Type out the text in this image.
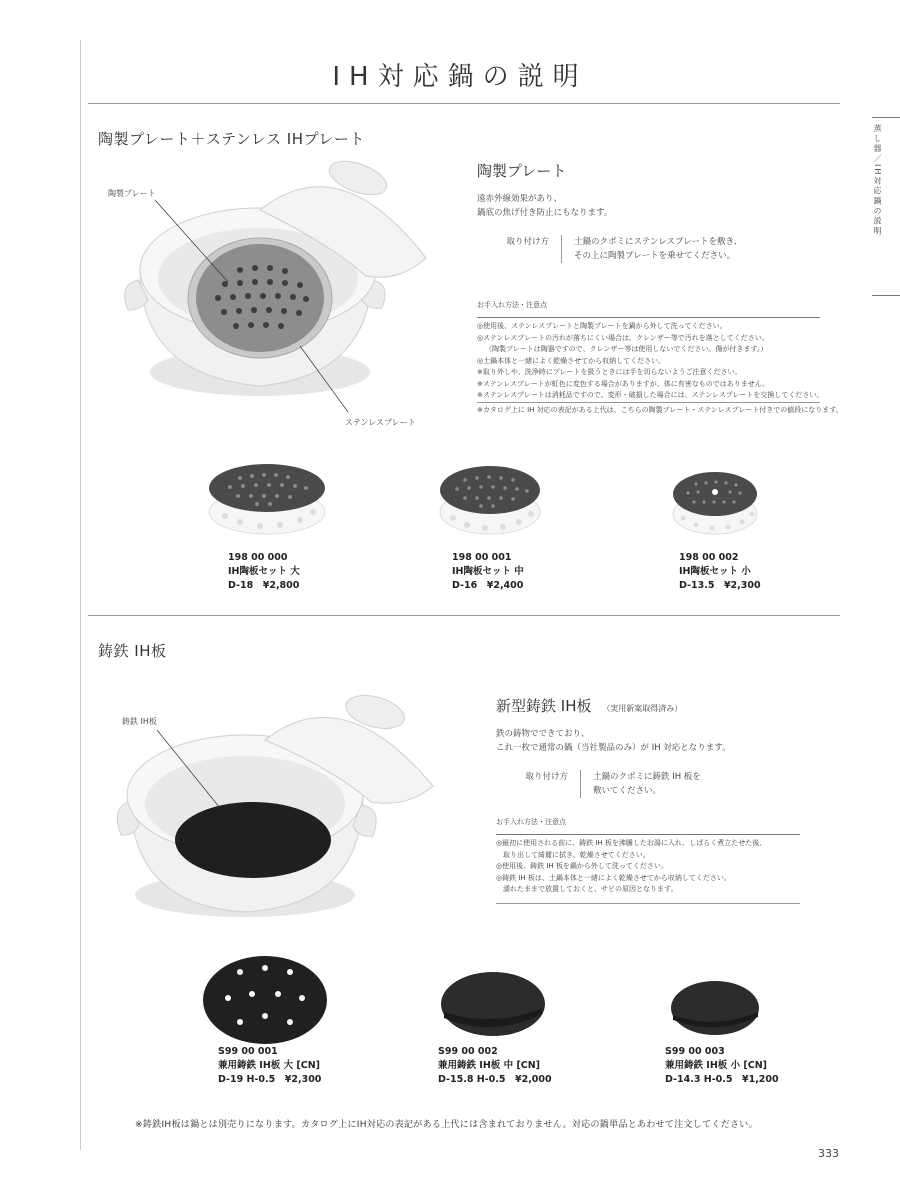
蒸し器／IH対応鍋の説明
IH対応鍋の説明
陶製プレート＋ステンレス IHプレート
陶製プレート
ステンレスプレート
陶製プレート
遠赤外線効果があり、
鍋底の焦げ付き防止にもなります。
取り付け方	土鍋のクボミにステンレスプレートを敷き、
その上に陶製プレートを乗せてください。
お手入れ方法・注意点
◎使用後、ステンレスプレートと陶製プレートを鍋から外して洗ってください。
◎ステンレスプレートの汚れが落ちにくい場合は、クレンザー等で汚れを落としてください。
（陶製プレートは陶器ですので、クレンザー等は使用しないでください。傷が付きます。）
◎土鍋本体と一緒によく乾燥させてから収納してください。
※取り外しや、洗浄時にプレートを扱うときには手を切らないようご注意ください。
※ステンレスプレートが虹色に変色する場合がありますが、体に有害なものではありません。
※ステンレスプレートは消耗品ですので、変形・破損した場合には、ステンレスプレートを交換してください。
※カタログ上に IH 対応の表記がある上代は、こちらの陶製プレート・ステンレスプレート付きでの値段になります。
198 00 000
IH陶板セット 大
D-18　¥2,800
198 00 001
IH陶板セット 中
D-16　¥2,400
198 00 002
IH陶板セット 小
D-13.5　¥2,300
鋳鉄 IH板
鋳鉄 IH板
新型鋳鉄 IH板 （実用新案取得済み）
鉄の鋳物でできており、
これ一枚で通常の鍋（当社製品のみ）が IH 対応となります。
取り付け方	土鍋のクボミに鋳鉄 IH 板を
敷いてください。
お手入れ方法・注意点
◎最初に使用される前に、鋳鉄 IH 板を沸騰したお湯に入れ、しばらく煮立たせた後、
　取り出して綺麗に拭き、乾燥させてください。
◎使用後、鋳鉄 IH 板を鍋から外して洗ってください。
◎鋳鉄 IH 板は、土鍋本体と一緒によく乾燥させてから収納してください。
　濡れたままで放置しておくと、サビの原因となります。
S99 00 001
兼用鋳鉄 IH板 大 [CN]
D-19 H-0.5　¥2,300
S99 00 002
兼用鋳鉄 IH板 中 [CN]
D-15.8 H-0.5　¥2,000
S99 00 003
兼用鋳鉄 IH板 小 [CN]
D-14.3 H-0.5　¥1,200
※鋳鉄IH板は鍋とは別売りになります。カタログ上にIH対応の表記がある上代には含まれておりません。対応の鍋単品とあわせて注文してください。
333
